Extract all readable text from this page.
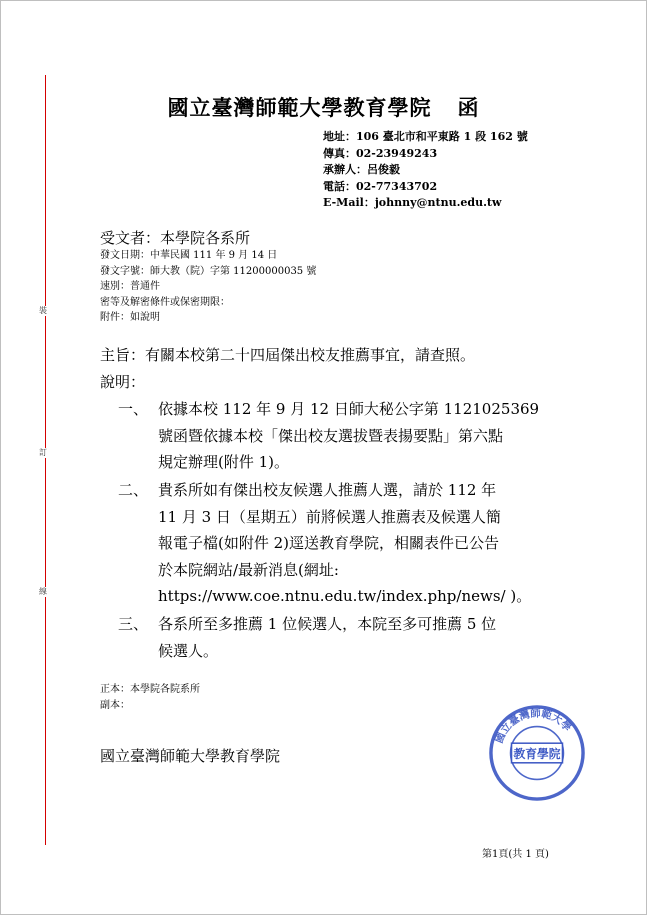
裝
訂
線
國立臺灣師範大學教育學院 函
地址：106 臺北市和平東路 1 段 162 號
傳真：02-23949243
承辦人：呂俊毅
電話：02-77343702
E-Mail：johnny@ntnu.edu.tw
受文者：本學院各系所
發文日期：中華民國 111 年 9 月 14 日
發文字號：師大教（院）字第 11200000035 號
速別：普通件
密等及解密條件或保密期限：
附件：如說明
主旨：有關本校第二十四屆傑出校友推薦事宜，請查照。
說明：
一、 依據本校 112 年 9 月 12 日師大秘公字第 1121025369
號函暨依據本校「傑出校友選拔暨表揚要點」第六點
規定辦理(附件 1)。
二、 貴系所如有傑出校友候選人推薦人選，請於 112 年
11 月 3 日（星期五）前將候選人推薦表及候選人簡
報電子檔(如附件 2)逕送教育學院，相關表件已公告
於本院網站/最新消息(網址:
https://www.coe.ntnu.edu.tw/index.php/news/ )。
三、 各系所至多推薦 1 位候選人，本院至多可推薦 5 位
候選人。
正本：本學院各院系所
副本：
國立臺灣師範大學教育學院
國立臺灣師範大學
教育學院
第1頁(共 1 頁)
